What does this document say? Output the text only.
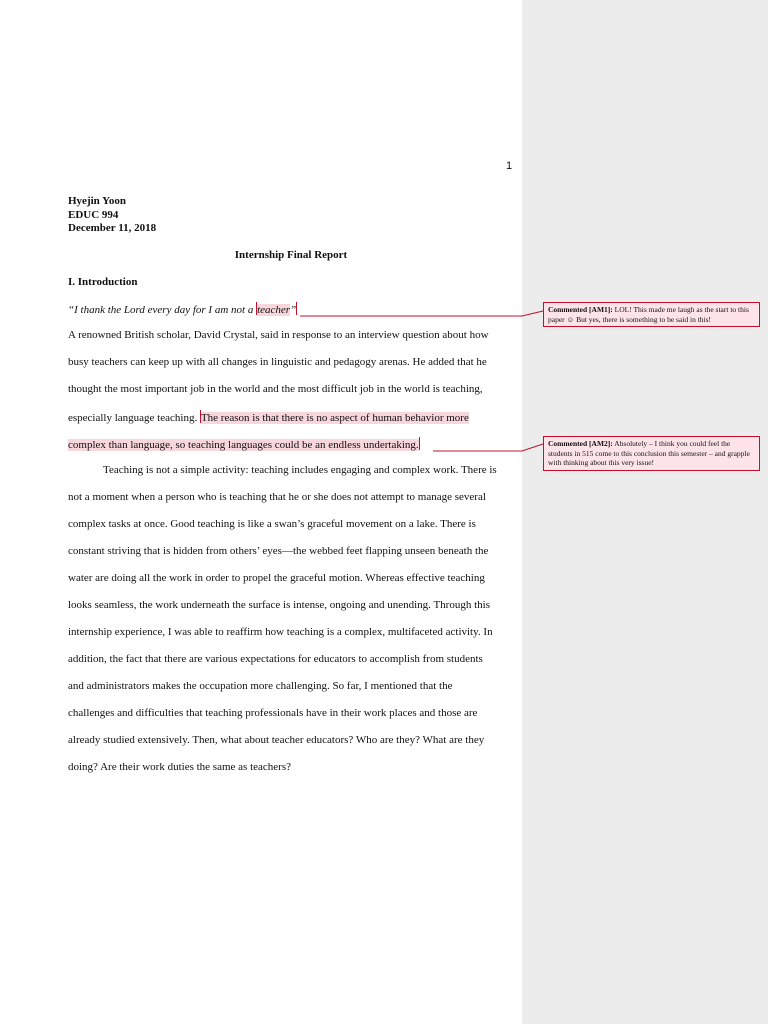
1
Hyejin Yoon
EDUC 994
December 11, 2018
Internship Final Report
I. Introduction
“I thank the Lord every day for I am not a teacher”
A renowned British scholar, David Crystal, said in response to an interview question about how
busy teachers can keep up with all changes in linguistic and pedagogy arenas. He added that he
thought the most important job in the world and the most difficult job in the world is teaching,
especially language teaching. The reason is that there is no aspect of human behavior more
complex than language, so teaching languages could be an endless undertaking.
Teaching is not a simple activity: teaching includes engaging and complex work. There is
not a moment when a person who is teaching that he or she does not attempt to manage several
complex tasks at once. Good teaching is like a swan’s graceful movement on a lake. There is
constant striving that is hidden from others’ eyes—the webbed feet flapping unseen beneath the
water are doing all the work in order to propel the graceful motion. Whereas effective teaching
looks seamless, the work underneath the surface is intense, ongoing and unending. Through this
internship experience, I was able to reaffirm how teaching is a complex, multifaceted activity. In
addition, the fact that there are various expectations for educators to accomplish from students
and administrators makes the occupation more challenging. So far, I mentioned that the
challenges and difficulties that teaching professionals have in their work places and those are
already studied extensively. Then, what about teacher educators? Who are they? What are they
doing? Are their work duties the same as teachers?
Commented [AM1]: LOL! This made me laugh as the start to this paper ☺ But yes, there is something to be said in this!
Commented [AM2]: Absolutely – I think you could feel the students in 515 come to this conclusion this semester – and grapple with thinking about this very issue!
